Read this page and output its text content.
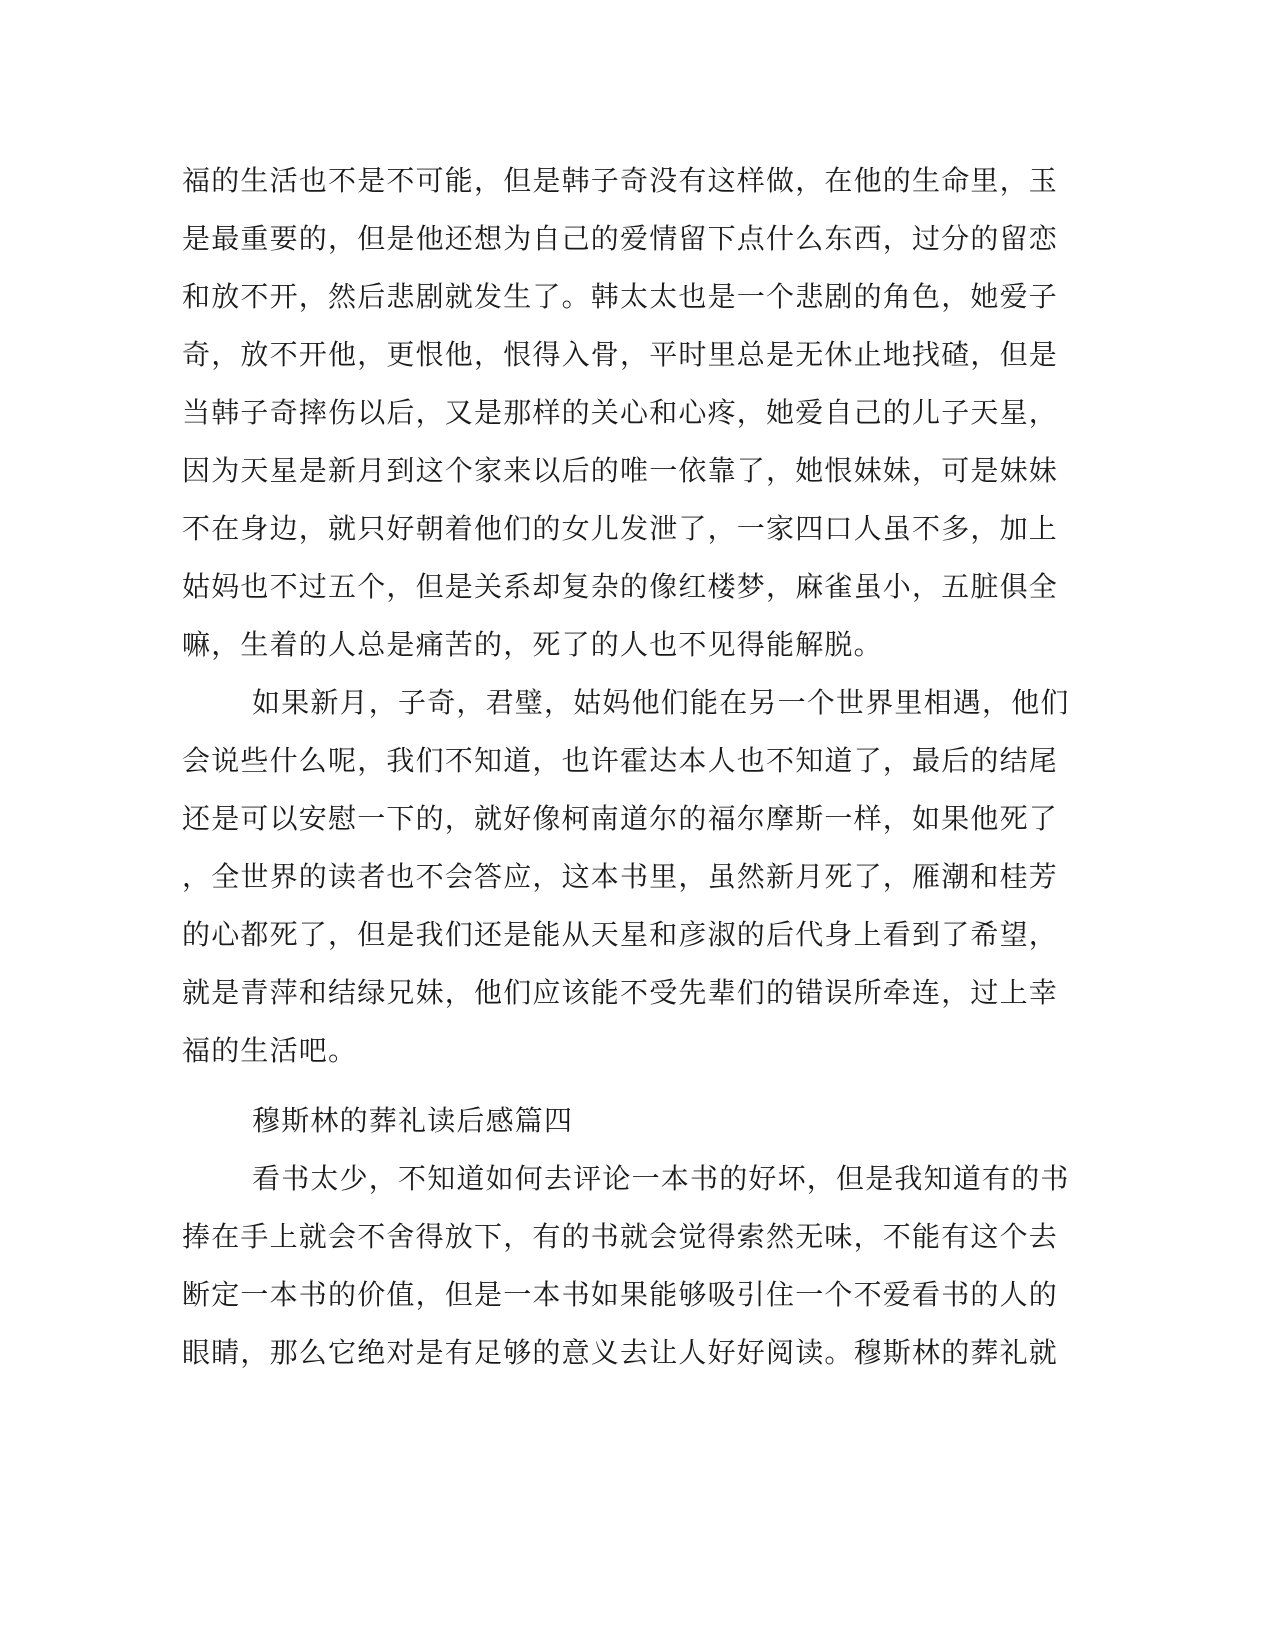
福的生活也不是不可能，但是韩子奇没有这样做，在他的生命里，玉
是最重要的，但是他还想为自己的爱情留下点什么东西，过分的留恋
和放不开，然后悲剧就发生了。韩太太也是一个悲剧的角色，她爱子
奇，放不开他，更恨他，恨得入骨，平时里总是无休止地找碴，但是
当韩子奇摔伤以后，又是那样的关心和心疼，她爱自己的儿子天星，
因为天星是新月到这个家来以后的唯一依靠了，她恨妹妹，可是妹妹
不在身边，就只好朝着他们的女儿发泄了，一家四口人虽不多，加上
姑妈也不过五个，但是关系却复杂的像红楼梦，麻雀虽小，五脏俱全
嘛，生着的人总是痛苦的，死了的人也不见得能解脱。
如果新月，子奇，君璧，姑妈他们能在另一个世界里相遇，他们
会说些什么呢，我们不知道，也许霍达本人也不知道了，最后的结尾
还是可以安慰一下的，就好像柯南道尔的福尔摩斯一样，如果他死了
，全世界的读者也不会答应，这本书里，虽然新月死了，雁潮和桂芳
的心都死了，但是我们还是能从天星和彦淑的后代身上看到了希望，
就是青萍和结绿兄妹，他们应该能不受先辈们的错误所牵连，过上幸
福的生活吧。
穆斯林的葬礼读后感篇四
看书太少，不知道如何去评论一本书的好坏，但是我知道有的书
捧在手上就会不舍得放下，有的书就会觉得索然无味，不能有这个去
断定一本书的价值，但是一本书如果能够吸引住一个不爱看书的人的
眼睛，那么它绝对是有足够的意义去让人好好阅读。穆斯林的葬礼就
